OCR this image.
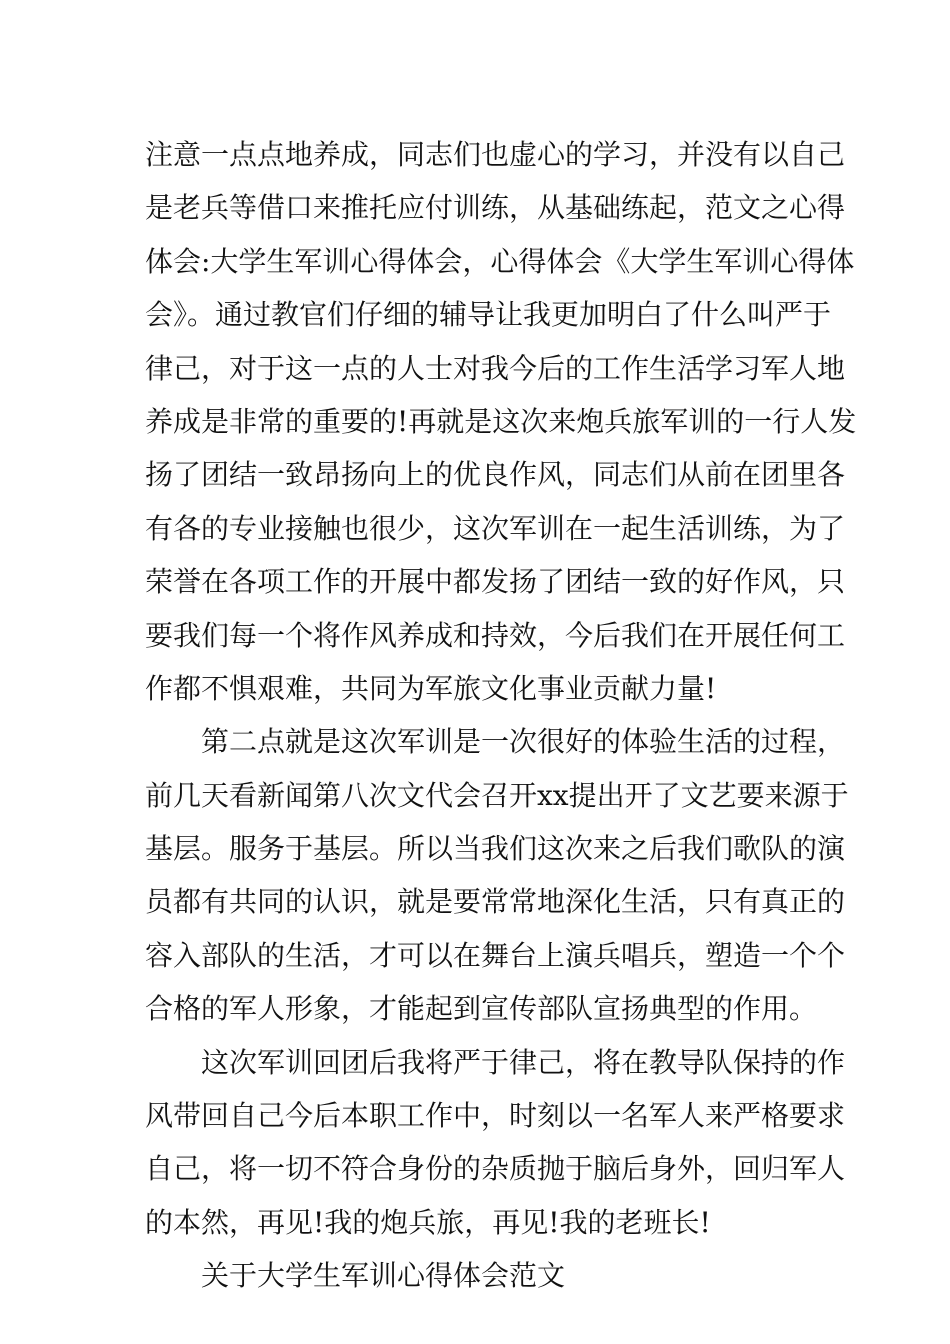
注意一点点地养成，同志们也虚心的学习，并没有以自己
是老兵等借口来推托应付训练，从基础练起，范文之心得
体会:大学生军训心得体会，心得体会《大学生军训心得体
会》。通过教官们仔细的辅导让我更加明白了什么叫严于
律己，对于这一点的人士对我今后的工作生活学习军人地
养成是非常的重要的!再就是这次来炮兵旅军训的一行人发
扬了团结一致昂扬向上的优良作风，同志们从前在团里各
有各的专业接触也很少，这次军训在一起生活训练，为了
荣誉在各项工作的开展中都发扬了团结一致的好作风，只
要我们每一个将作风养成和持效，今后我们在开展任何工
作都不惧艰难，共同为军旅文化事业贡献力量!
第二点就是这次军训是一次很好的体验生活的过程，
前几天看新闻第八次文代会召开xx提出开了文艺要来源于
基层。服务于基层。所以当我们这次来之后我们歌队的演
员都有共同的认识，就是要常常地深化生活，只有真正的
容入部队的生活，才可以在舞台上演兵唱兵，塑造一个个
合格的军人形象，才能起到宣传部队宣扬典型的作用。
这次军训回团后我将严于律己，将在教导队保持的作
风带回自己今后本职工作中，时刻以一名军人来严格要求
自己，将一切不符合身份的杂质抛于脑后身外，回归军人
的本然，再见!我的炮兵旅，再见!我的老班长!
关于大学生军训心得体会范文
